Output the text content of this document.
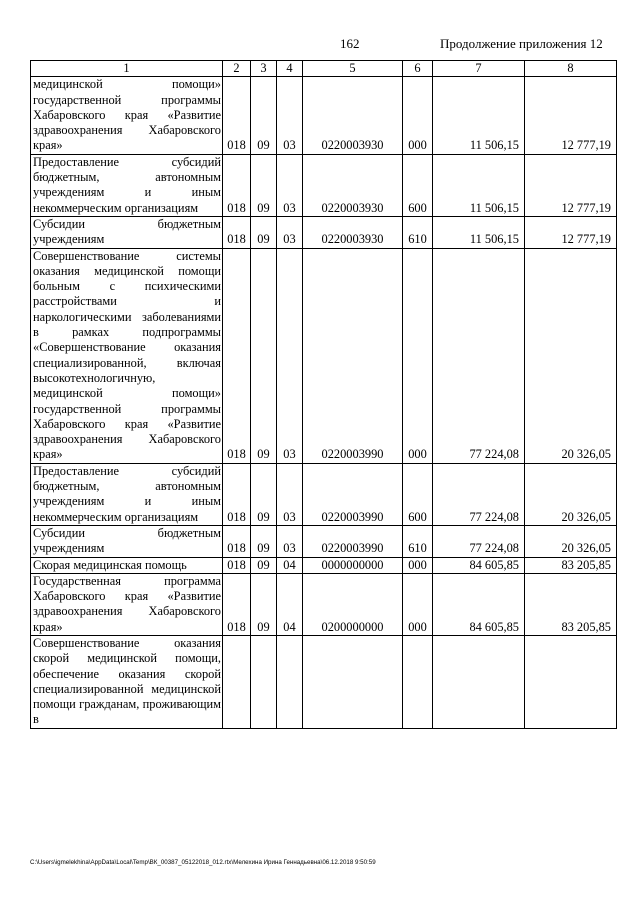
162	Продолжение приложения 12
1	2	3	4	5	6	7	8
медицинской помощи» государственной программы Хабаровского края «Развитие здравоохранения Хабаровского края»	018	09	03	0220003930	000	11 506,15	12 777,19
Предоставление субсидий бюджетным, автономным учреждениям и иным некоммерческим организациям	018	09	03	0220003930	600	11 506,15	12 777,19
Субсидии бюджетным учреждениям	018	09	03	0220003930	610	11 506,15	12 777,19
Совершенствование системы оказания медицинской помощи больным с психическими расстройствами и наркологическими заболеваниями в рамках подпрограммы «Совершенствование оказания специализированной, включая высокотехнологичную, медицинской помощи» государственной программы Хабаровского края «Развитие здравоохранения Хабаровского края»	018	09	03	0220003990	000	77 224,08	20 326,05
Предоставление субсидий бюджетным, автономным учреждениям и иным некоммерческим организациям	018	09	03	0220003990	600	77 224,08	20 326,05
Субсидии бюджетным учреждениям	018	09	03	0220003990	610	77 224,08	20 326,05
Скорая медицинская помощь	018	09	04	0000000000	000	84 605,85	83 205,85
Государственная программа Хабаровского края «Развитие здравоохранения Хабаровского края»	018	09	04	0200000000	000	84 605,85	83 205,85
Совершенствование оказания скорой медицинской помощи, обеспечение оказания скорой специализированной медицинской помощи гражданам, проживающим в							
C:\Users\igmelekhina\AppData\Local\Temp\ВК_00387_05122018_012.rtx\Мелехина Ирина Геннадьевна\06.12.2018 9:50:59
